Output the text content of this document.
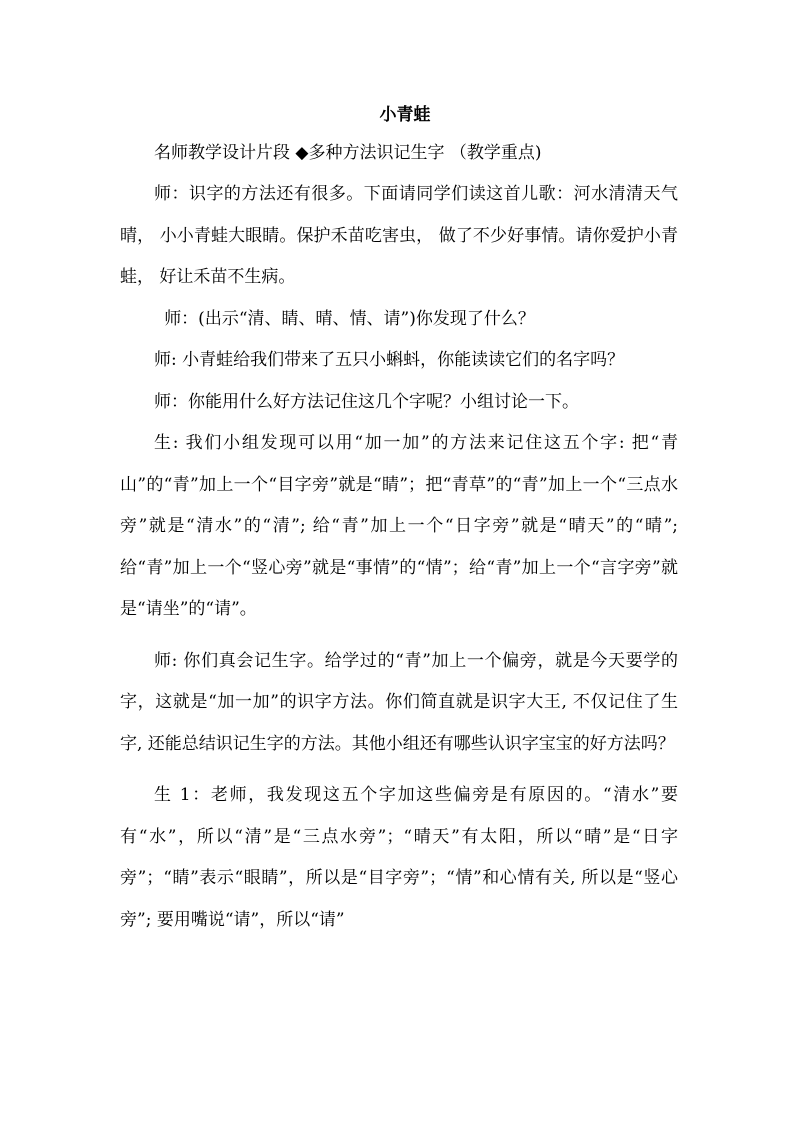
小青蛙

名师教学设计片段 ◆多种方法识记生字 （教学重点)

师：识字的方法还有很多。下面请同学们读这首儿歌：河水清清天气晴， 小小青蛙大眼睛。保护禾苗吃害虫， 做了不少好事情。请你爱护小青蛙， 好让禾苗不生病。

师：(出示“清、睛、晴、情、请”)你发现了什么？

师: 小青蛙给我们带来了五只小蝌蚪，你能读读它们的名字吗？

师：你能用什么好方法记住这几个字呢？小组讨论一下。

生: 我们小组发现可以用“加一加”的方法来记住这五个字: 把“青山”的“青”加上一个“目字旁”就是“睛”；把“青草”的“青”加上一个“三点水旁”就是“清水”的“清”; 给“青”加上一个“日字旁”就是“晴天”的“晴”; 给“青”加上一个“竖心旁”就是“事情”的“情”；给“青”加上一个“言字旁”就是“请坐”的“请”。

师: 你们真会记生字。给学过的“青”加上一个偏旁，就是今天要学的字，这就是“加一加”的识字方法。你们简直就是识字大王, 不仅记住了生字, 还能总结识记生字的方法。其他小组还有哪些认识字宝宝的好方法吗？

生 1：老师，我发现这五个字加这些偏旁是有原因的。“清水”要有“水”，所以“清”是“三点水旁”；“晴天”有太阳，所以“晴”是“日字旁”；“睛”表示“眼睛”，所以是“目字旁”；“情”和心情有关, 所以是“竖心旁”; 要用嘴说“请”，所以“请”
